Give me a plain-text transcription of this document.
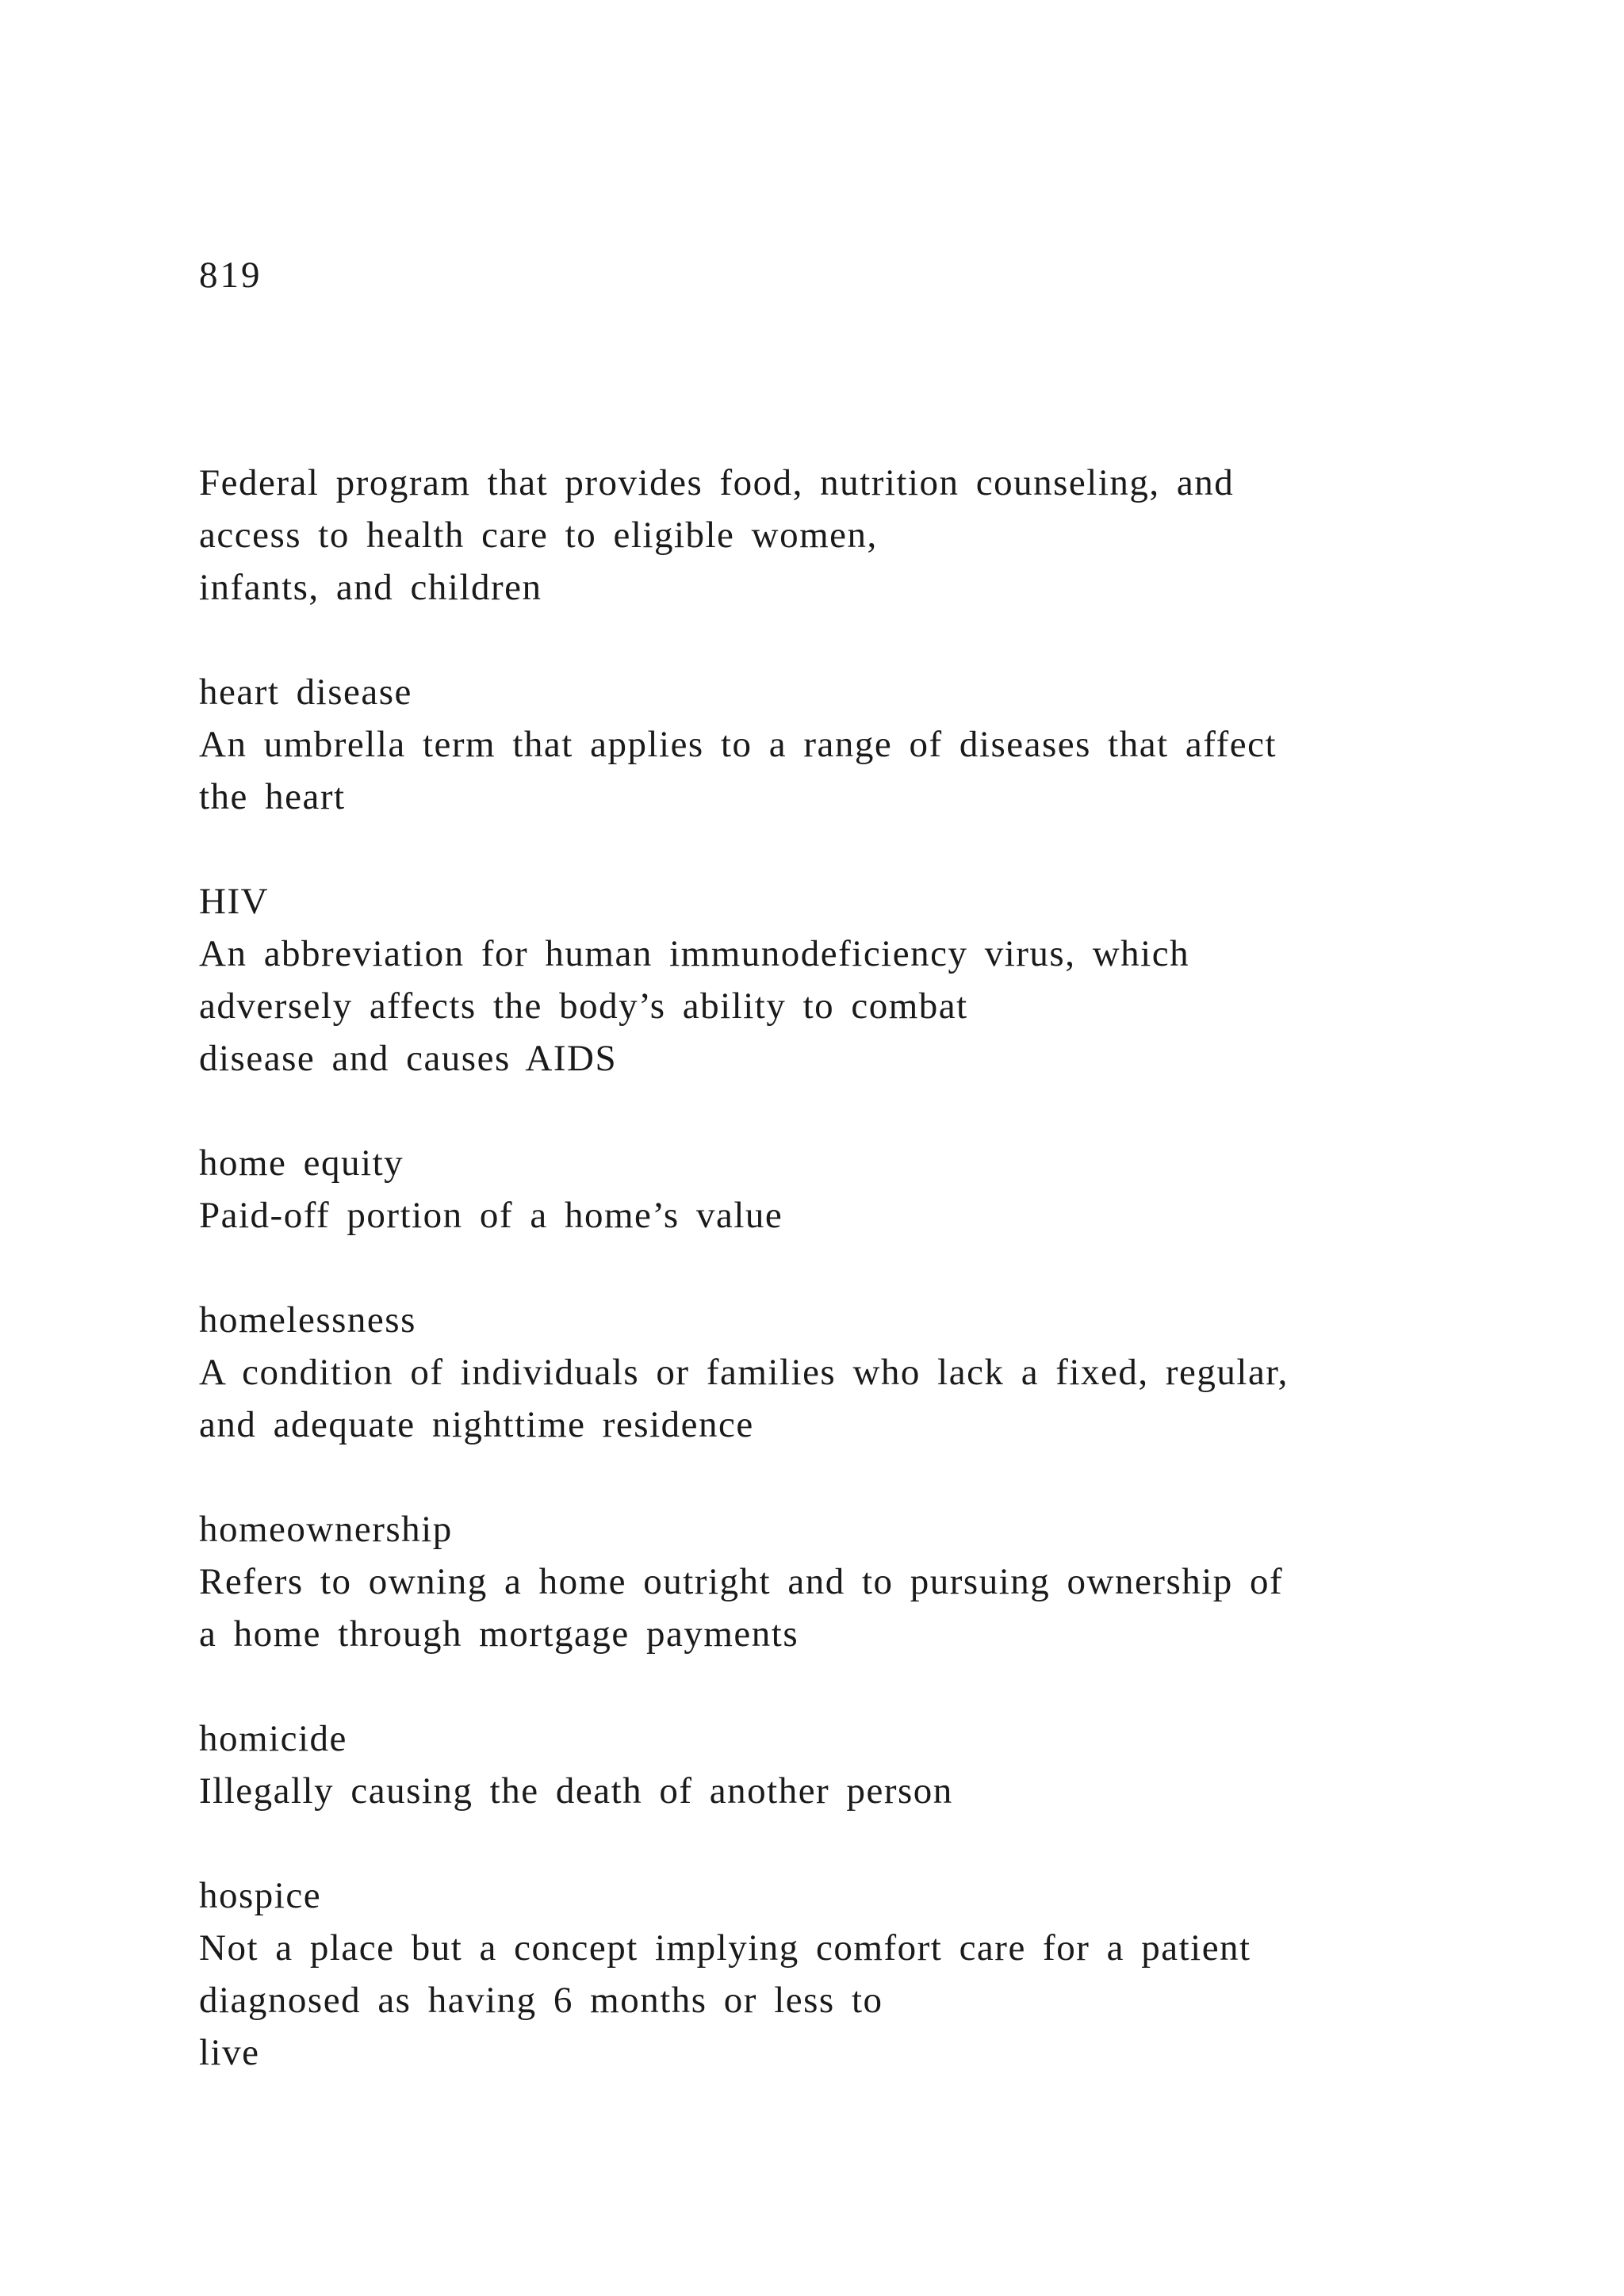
819
Federal program that provides food, nutrition counseling, and
access to health care to eligible women,
infants, and children
heart disease
An umbrella term that applies to a range of diseases that affect
the heart
HIV
An abbreviation for human immunodeficiency virus, which
adversely affects the body’s ability to combat
disease and causes AIDS
home equity
Paid-off portion of a home’s value
homelessness
A condition of individuals or families who lack a fixed, regular,
and adequate nighttime residence
homeownership
Refers to owning a home outright and to pursuing ownership of
a home through mortgage payments
homicide
Illegally causing the death of another person
hospice
Not a place but a concept implying comfort care for a patient
diagnosed as having 6 months or less to
live
